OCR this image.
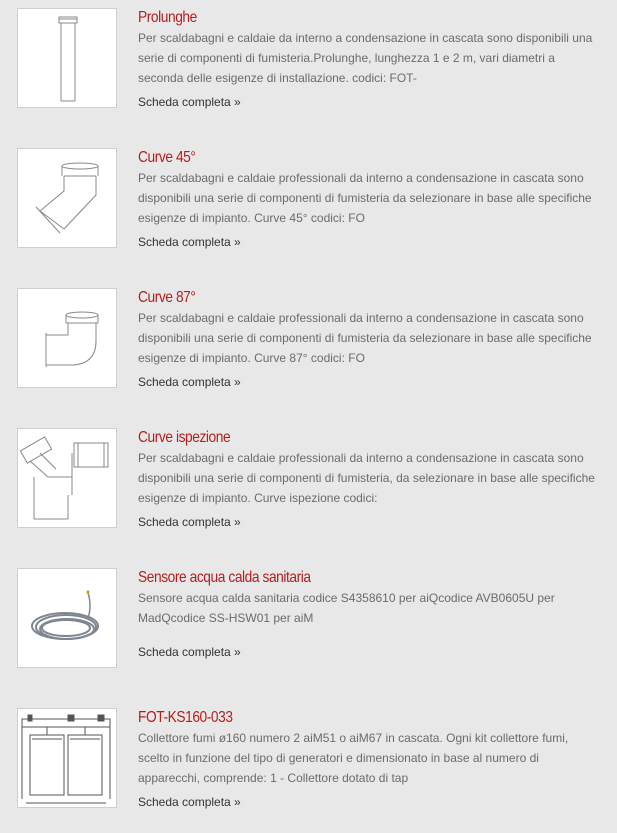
Prolunghe

Per scaldabagni e caldaie da interno a condensazione in cascata sono disponibili una serie di componenti di fumisteria.Prolunghe, lunghezza 1 e 2 m, vari diametri a seconda delle esigenze di installazione. codici: FOT-

Scheda completa »
Curve 45°

Per scaldabagni e caldaie professionali da interno a condensazione in cascata sono disponibili una serie di componenti di fumisteria da selezionare in base alle specifiche esigenze di impianto. Curve 45° codici: FO

Scheda completa »
Curve 87°

Per scaldabagni e caldaie professionali da interno a condensazione in cascata sono disponibili una serie di componenti di fumisteria da selezionare in base alle specifiche esigenze di impianto. Curve 87° codici: FO

Scheda completa »
Curve ispezione

Per scaldabagni e caldaie professionali da interno a condensazione in cascata sono disponibili una serie di componenti di fumisteria, da selezionare in base alle specifiche esigenze di impianto. Curve ispezione codici:

Scheda completa »
Sensore acqua calda sanitaria

Sensore acqua calda sanitaria codice S4358610 per aiQcodice AVB0605U per MadQcodice SS-HSW01 per aiM

Scheda completa »
FOT-KS160-033

Collettore fumi ø160 numero 2 aiM51 o aiM67 in cascata. Ogni kit collettore fumi, scelto in funzione del tipo di generatori e dimensionato in base al numero di apparecchi, comprende: 1 - Collettore dotato di tap

Scheda completa »
